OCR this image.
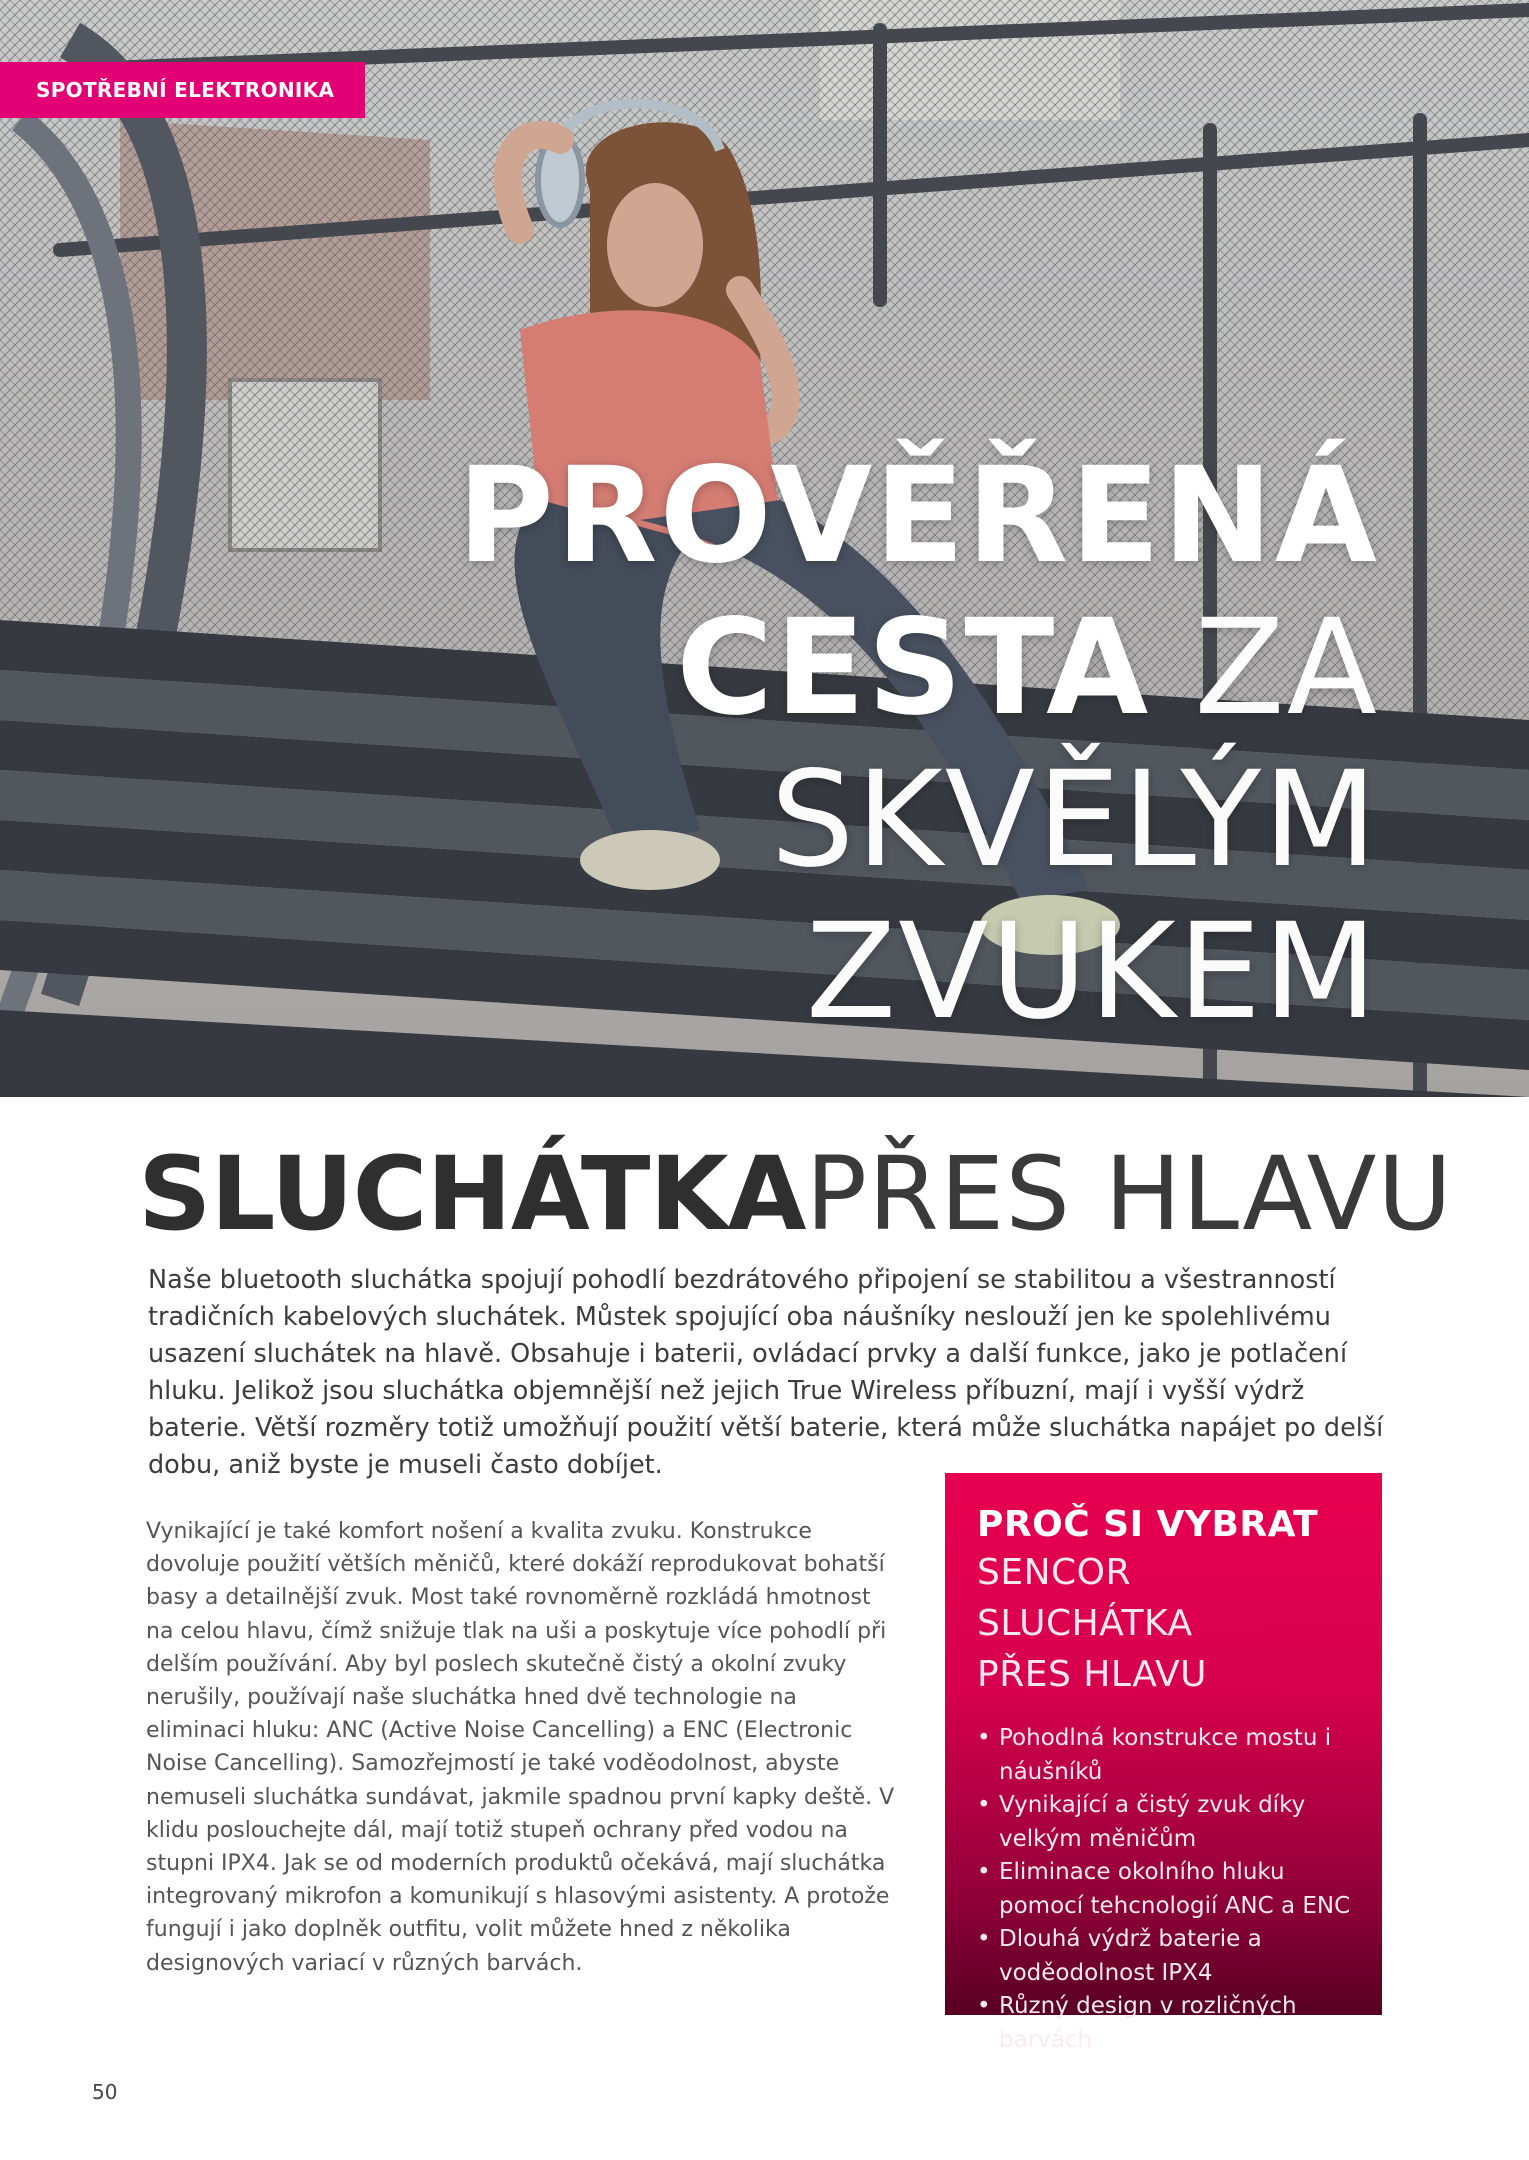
SPOTŘEBNÍ ELEKTRONIKA
PROVĚŘENÁ
CESTA ZA
SKVĚLÝM
ZVUKEM
SLUCHÁTKAPŘES HLAVU
Naše bluetooth sluchátka spojují pohodlí bezdrátového připojení se stabilitou a všestranností tradičních kabelových sluchátek. Můstek spojující oba náušníky neslouží jen ke spolehlivému usazení sluchátek na hlavě. Obsahuje i baterii, ovládací prvky a další funkce, jako je potlačení hluku. Jelikož jsou sluchátka objemnější než jejich True Wireless příbuzní, mají i vyšší výdrž baterie. Větší rozměry totiž umožňují použití větší baterie, která může sluchátka napájet po delší dobu, aniž byste je museli často dobíjet.
Vynikající je také komfort nošení a kvalita zvuku. Konstrukce dovoluje použití větších měničů, které dokáží reprodukovat bohatší basy a detailnější zvuk. Most také rovnoměrně rozkládá hmotnost na celou hlavu, čímž snižuje tlak na uši a poskytuje více pohodlí při delším používání. Aby byl poslech skutečně čistý a okolní zvuky nerušily, používají naše sluchátka hned dvě technologie na eliminaci hluku: ANC (Active Noise Cancelling) a ENC (Electronic Noise Cancelling). Samozřejmostí je také voděodolnost, abyste nemuseli sluchátka sundávat, jakmile spadnou první kapky deště. V klidu poslouchejte dál, mají totiž stupeň ochrany před vodou na stupni IPX4. Jak se od moderních produktů očekává, mají sluchátka integrovaný mikrofon a komunikují s hlasovými asistenty. A protože fungují i jako doplněk outfitu, volit můžete hned z několika designových variací v různých barvách.
PROČ SI VYBRAT
SENCOR SLUCHÁTKA
PŘES HLAVU
• Pohodlná konstrukce mostu i náušníků
• Vynikající a čistý zvuk díky velkým měničům
• Eliminace okolního hluku pomocí tehcnologií ANC a ENC
• Dlouhá výdrž baterie a voděodolnost IPX4
• Různý design v rozličných barvách
50
